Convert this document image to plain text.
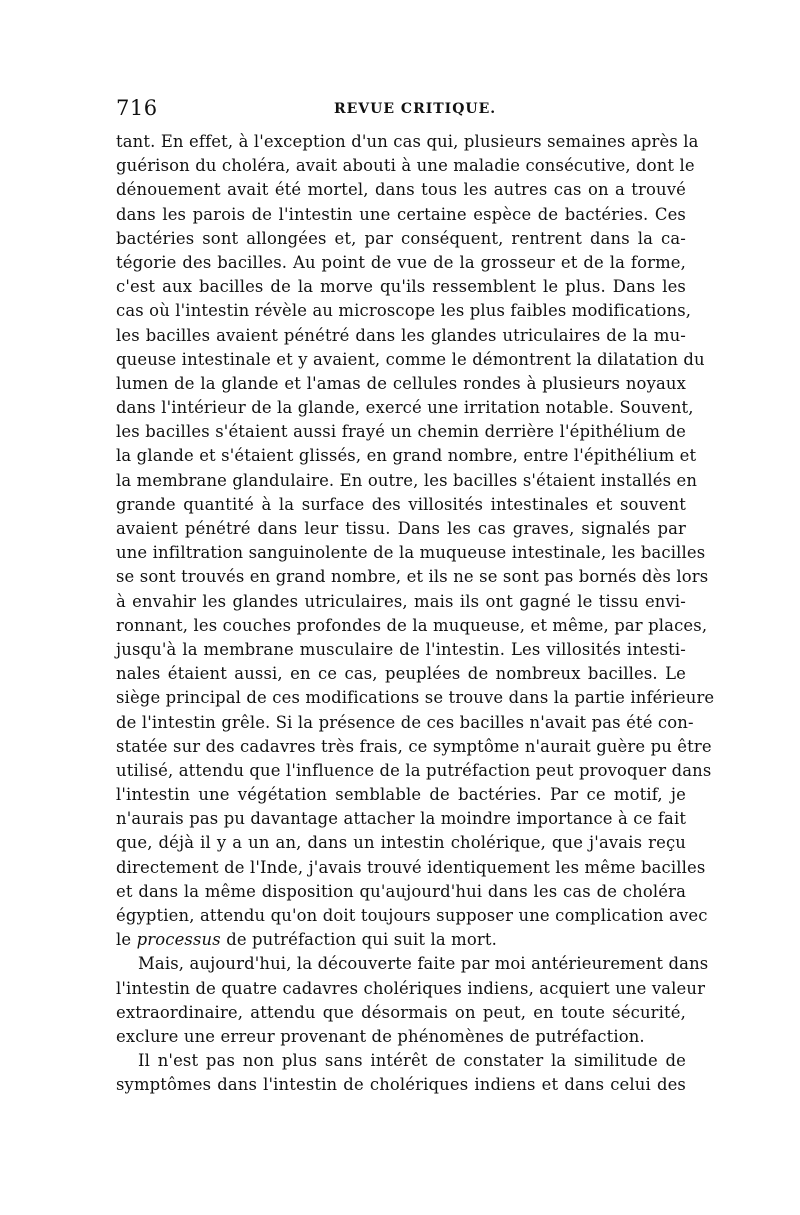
716	REVUE CRITIQUE.
tant. En effet, à l'exception d'un cas qui, plusieurs semaines après la
guérison du choléra, avait abouti à une maladie consécutive, dont le
dénouement avait été mortel, dans tous les autres cas on a trouvé
dans les parois de l'intestin une certaine espèce de bactéries. Ces
bactéries sont allongées et, par conséquent, rentrent dans la ca-
tégorie des bacilles. Au point de vue de la grosseur et de la forme,
c'est aux bacilles de la morve qu'ils ressemblent le plus. Dans les
cas où l'intestin révèle au microscope les plus faibles modifications,
les bacilles avaient pénétré dans les glandes utriculaires de la mu-
queuse intestinale et y avaient, comme le démontrent la dilatation du
lumen de la glande et l'amas de cellules rondes à plusieurs noyaux
dans l'intérieur de la glande, exercé une irritation notable. Souvent,
les bacilles s'étaient aussi frayé un chemin derrière l'épithélium de
la glande et s'étaient glissés, en grand nombre, entre l'épithélium et
la membrane glandulaire. En outre, les bacilles s'étaient installés en
grande quantité à la surface des villosités intestinales et souvent
avaient pénétré dans leur tissu. Dans les cas graves, signalés par
une infiltration sanguinolente de la muqueuse intestinale, les bacilles
se sont trouvés en grand nombre, et ils ne se sont pas bornés dès lors
à envahir les glandes utriculaires, mais ils ont gagné le tissu envi-
ronnant, les couches profondes de la muqueuse, et même, par places,
jusqu'à la membrane musculaire de l'intestin. Les villosités intesti-
nales étaient aussi, en ce cas, peuplées de nombreux bacilles. Le
siège principal de ces modifications se trouve dans la partie inférieure
de l'intestin grêle. Si la présence de ces bacilles n'avait pas été con-
statée sur des cadavres très frais, ce symptôme n'aurait guère pu être
utilisé, attendu que l'influence de la putréfaction peut provoquer dans
l'intestin une végétation semblable de bactéries. Par ce motif, je
n'aurais pas pu davantage attacher la moindre importance à ce fait
que, déjà il y a un an, dans un intestin cholérique, que j'avais reçu
directement de l'Inde, j'avais trouvé identiquement les même bacilles
et dans la même disposition qu'aujourd'hui dans les cas de choléra
égyptien, attendu qu'on doit toujours supposer une complication avec
le processus de putréfaction qui suit la mort.
Mais, aujourd'hui, la découverte faite par moi antérieurement dans
l'intestin de quatre cadavres cholériques indiens, acquiert une valeur
extraordinaire, attendu que désormais on peut, en toute sécurité,
exclure une erreur provenant de phénomènes de putréfaction.
Il n'est pas non plus sans intérêt de constater la similitude de
symptômes dans l'intestin de cholériques indiens et dans celui des
